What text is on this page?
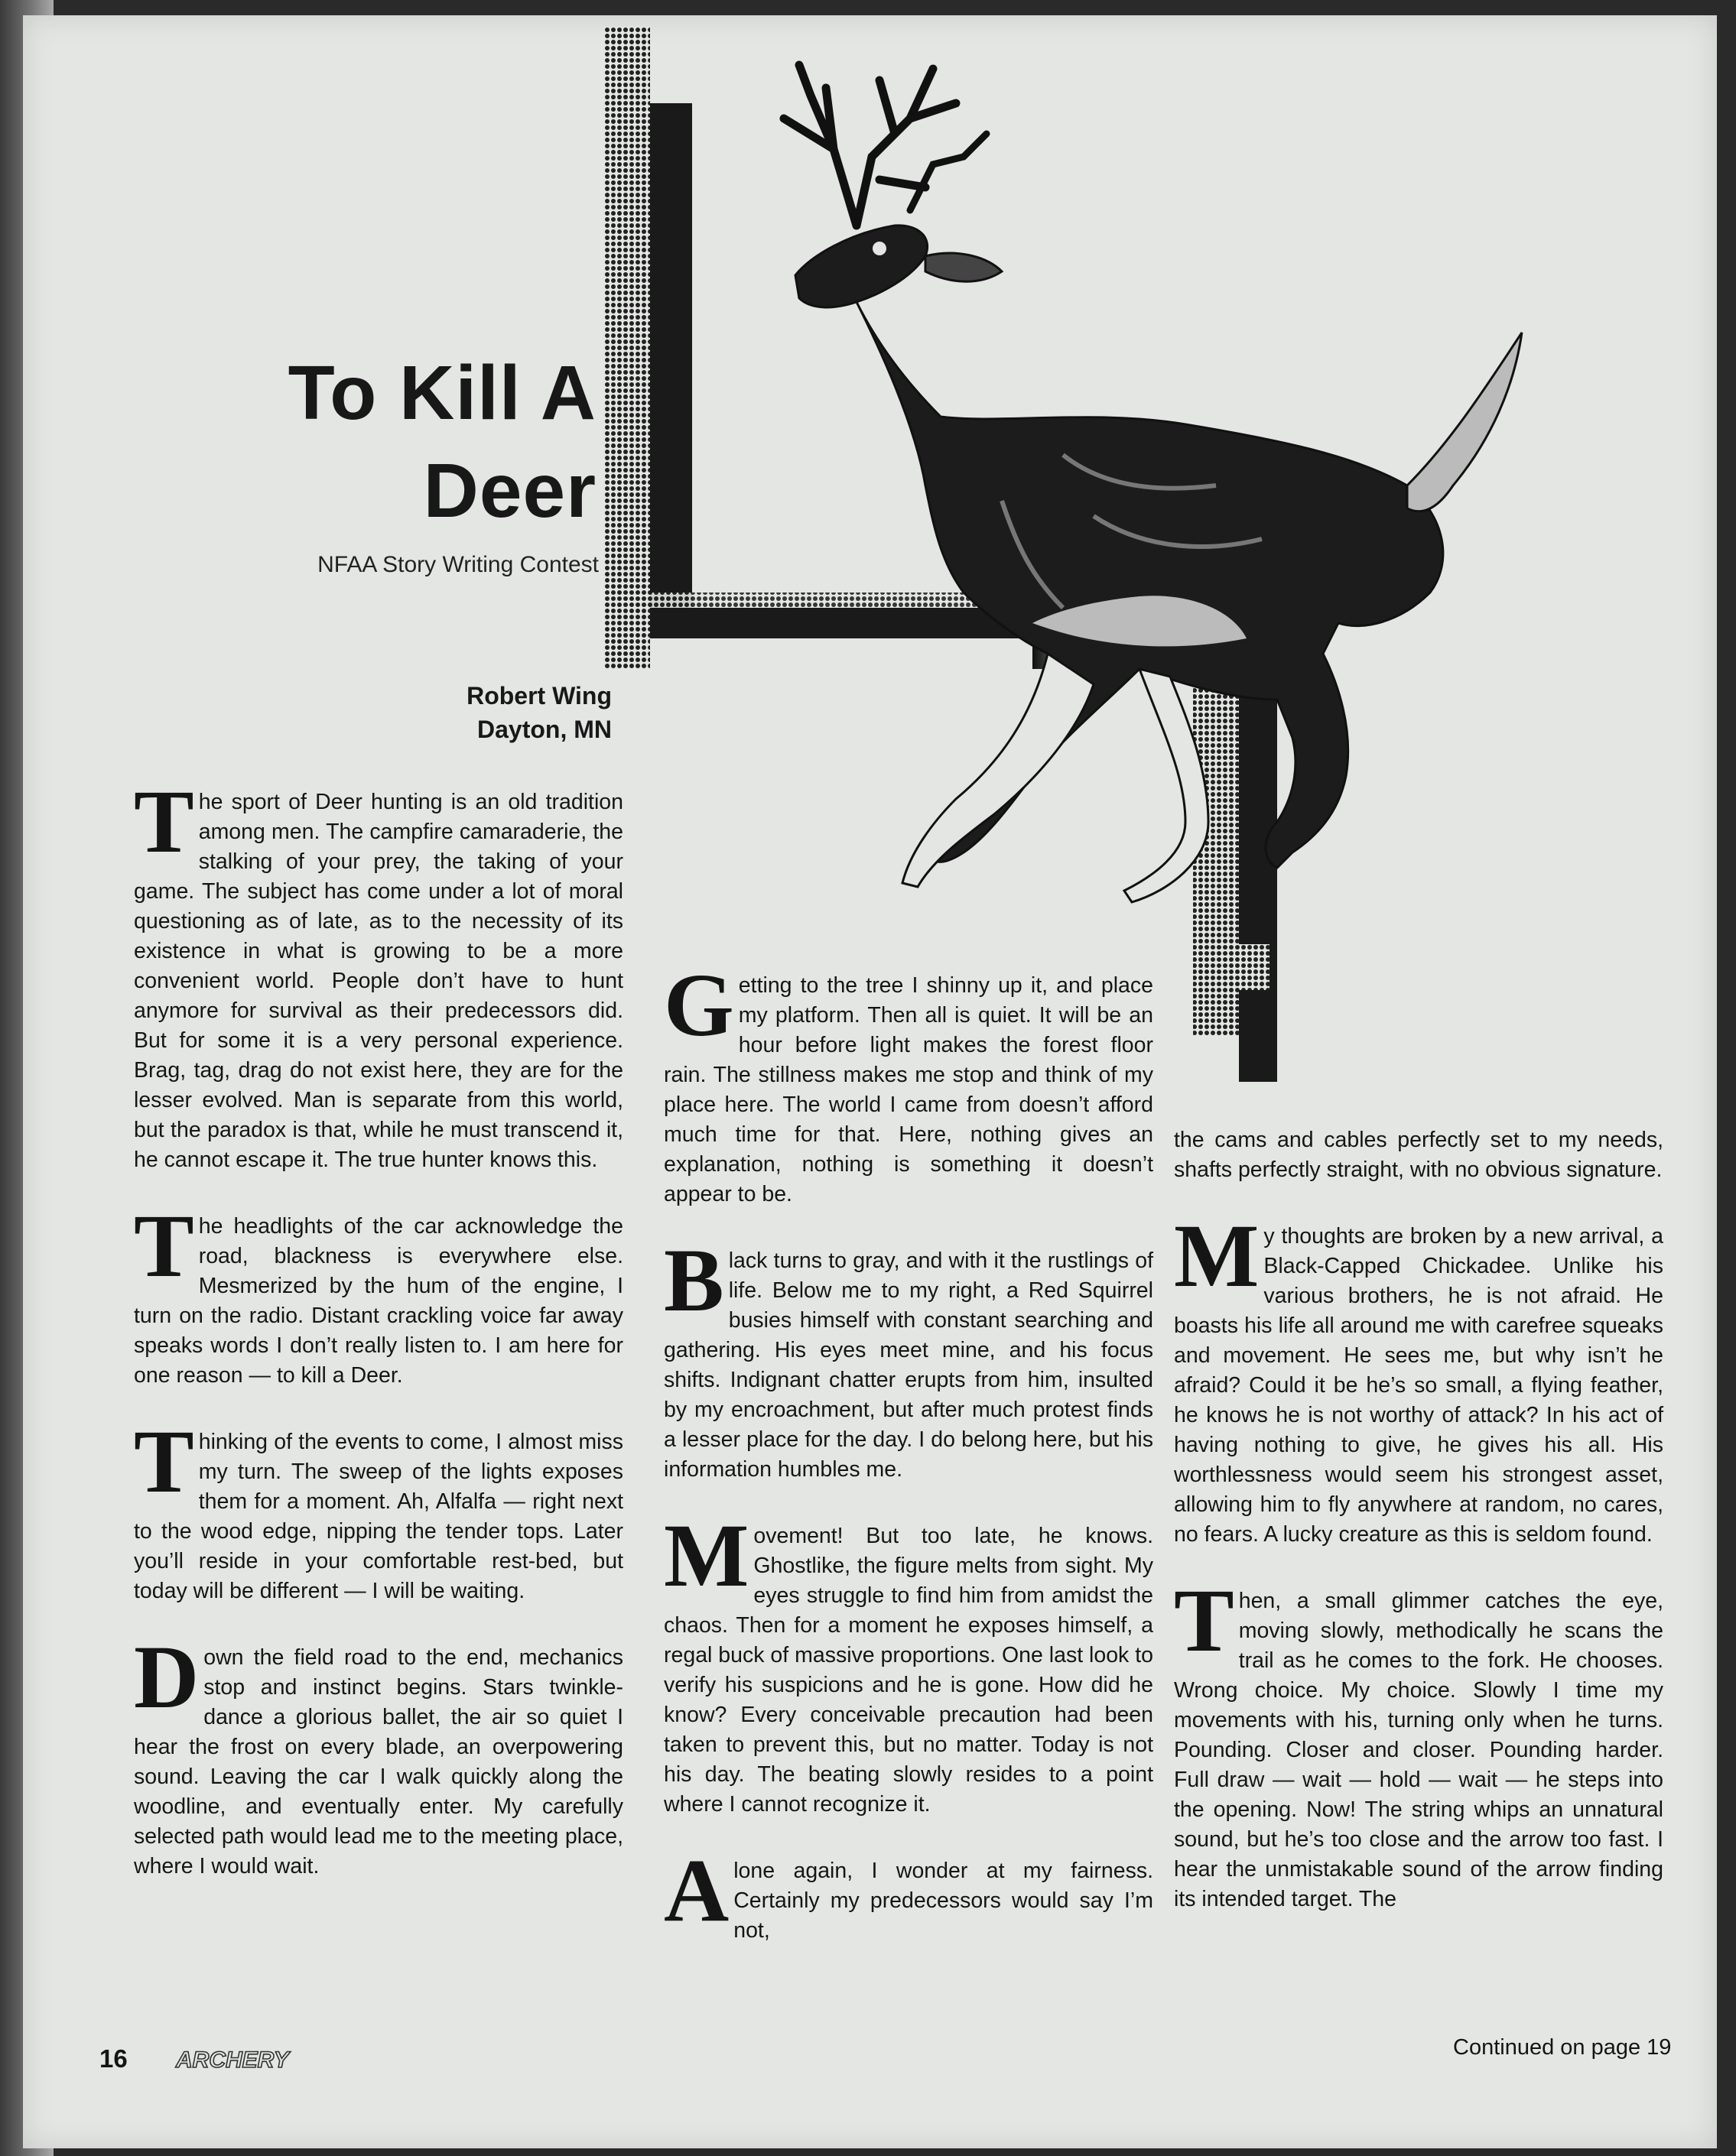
To Kill A
Deer
NFAA Story Writing Contest
Robert Wing
Dayton, MN

The sport of Deer hunting is an old tradition among men. The campfire camaraderie, the stalking of your prey, the taking of your game. The subject has come under a lot of moral questioning as of late, as to the necessity of its existence in what is growing to be a more convenient world. People don’t have to hunt anymore for survival as their predecessors did. But for some it is a very personal experience. Brag, tag, drag do not exist here, they are for the lesser evolved. Man is separate from this world, but the paradox is that, while he must transcend it, he cannot escape it. The true hunter knows this.

The headlights of the car acknowledge the road, blackness is everywhere else. Mesmerized by the hum of the engine, I turn on the radio. Distant crackling voice far away speaks words I don’t really listen to. I am here for one reason — to kill a Deer.

Thinking of the events to come, I almost miss my turn. The sweep of the lights exposes them for a moment. Ah, Alfalfa — right next to the wood edge, nipping the tender tops. Later you’ll reside in your comfortable rest-bed, but today will be different — I will be waiting.

Down the field road to the end, mechanics stop and instinct begins. Stars twinkle-dance a glorious ballet, the air so quiet I hear the frost on every blade, an overpowering sound. Leaving the car I walk quickly along the woodline, and eventually enter. My carefully selected path would lead me to the meeting place, where I would wait.

Getting to the tree I shinny up it, and place my platform. Then all is quiet. It will be an hour before light makes the forest floor rain. The stillness makes me stop and think of my place here. The world I came from doesn’t afford much time for that. Here, nothing gives an explanation, nothing is something it doesn’t appear to be.

Black turns to gray, and with it the rustlings of life. Below me to my right, a Red Squirrel busies himself with constant searching and gathering. His eyes meet mine, and his focus shifts. Indignant chatter erupts from him, insulted by my encroachment, but after much protest finds a lesser place for the day. I do belong here, but his information humbles me.

Movement! But too late, he knows. Ghostlike, the figure melts from sight. My eyes struggle to find him from amidst the chaos. Then for a moment he exposes himself, a regal buck of massive proportions. One last look to verify his suspicions and he is gone. How did he know? Every conceivable precaution had been taken to prevent this, but no matter. Today is not his day. The beating slowly resides to a point where I cannot recognize it.

Alone again, I wonder at my fairness. Certainly my predecessors would say I’m not,

the cams and cables perfectly set to my needs, shafts perfectly straight, with no obvious signature.

My thoughts are broken by a new arrival, a Black-Capped Chickadee. Unlike his various brothers, he is not afraid. He boasts his life all around me with carefree squeaks and movement. He sees me, but why isn’t he afraid? Could it be he’s so small, a flying feather, he knows he is not worthy of attack? In his act of having nothing to give, he gives his all. His worthlessness would seem his strongest asset, allowing him to fly anywhere at random, no cares, no fears. A lucky creature as this is seldom found.

Then, a small glimmer catches the eye, moving slowly, methodically he scans the trail as he comes to the fork. He chooses. Wrong choice. My choice. Slowly I time my movements with his, turning only when he turns. Pounding. Closer and closer. Pounding harder. Full draw — wait — hold — wait — he steps into the opening. Now! The string whips an unnatural sound, but he’s too close and the arrow too fast. I hear the unmistakable sound of the arrow finding its intended target. The

16 ARCHERY	Continued on page 19
